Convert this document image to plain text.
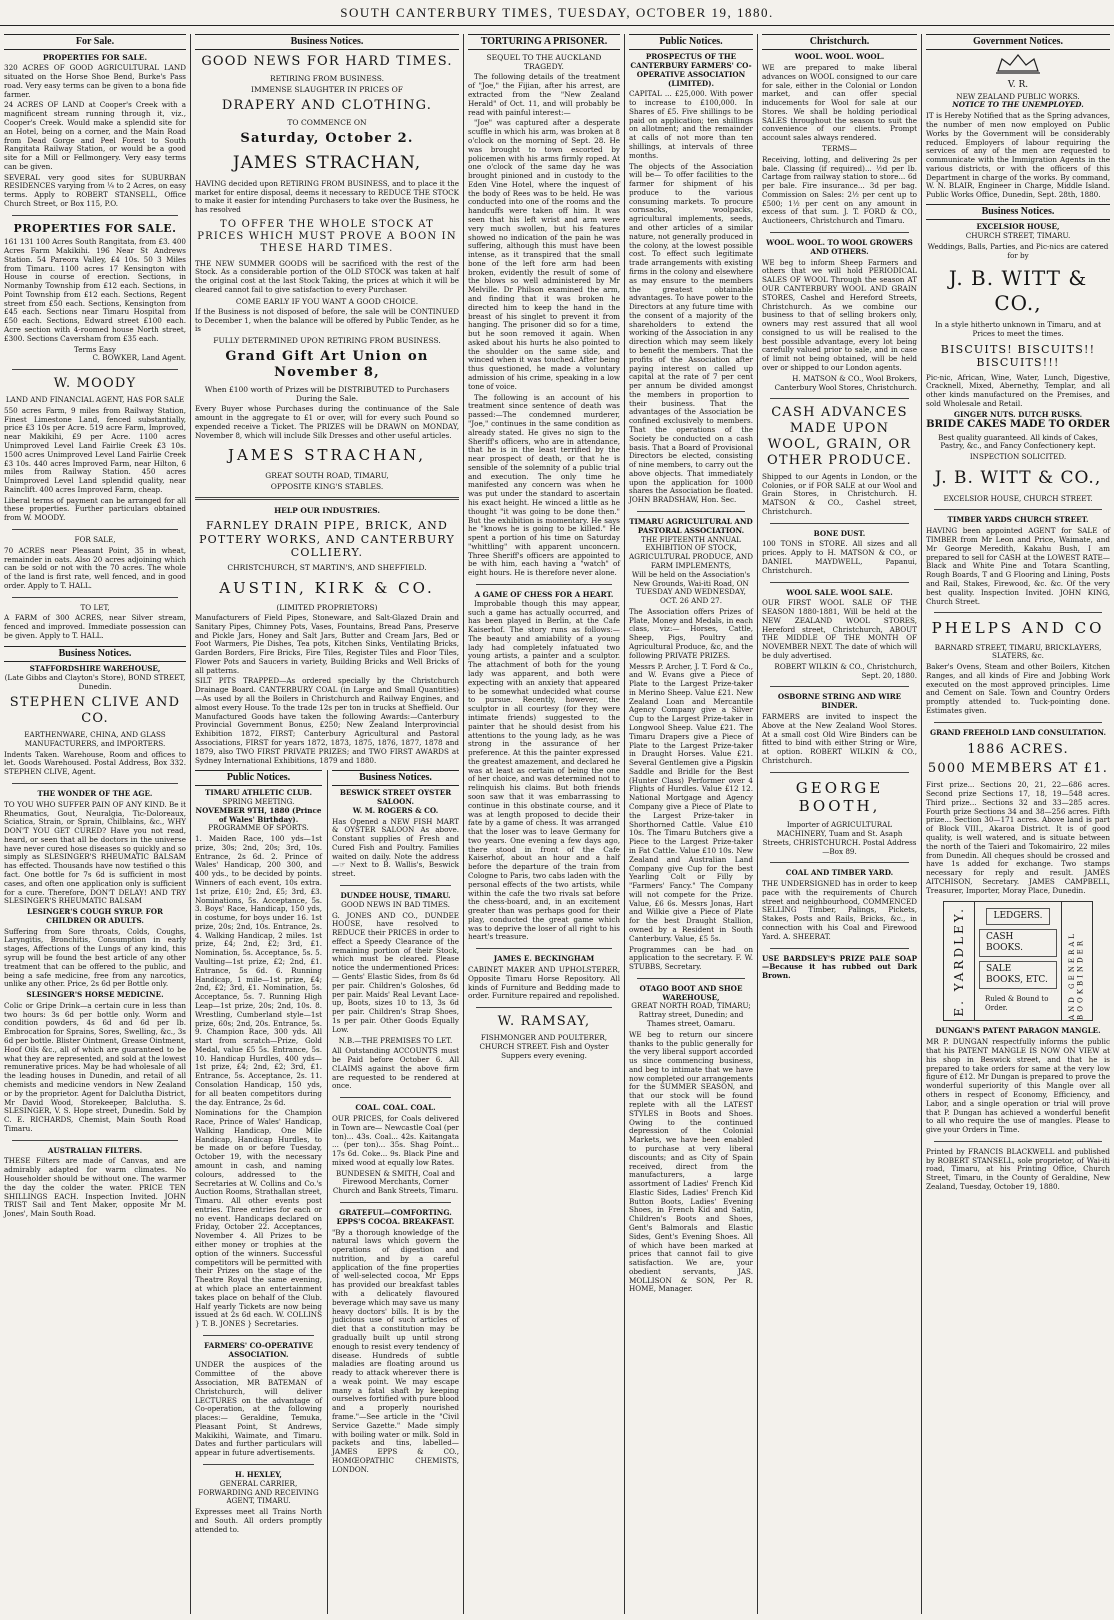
SOUTH CANTERBURY TIMES, TUESDAY, OCTOBER 19, 1880.
For Sale.
PROPERTIES FOR SALE.
320 ACRES OF GOOD AGRICULTURAL LAND situated on the Horse Shoe Bend, Burke's Pass road. Very easy terms can be given to a bona fide farmer.
24 ACRES OF LAND at Cooper's Creek with a magnificent stream running through it, viz., Cooper's Creek. Would make a splendid site for an Hotel, being on a corner, and the Main Road from Dead Gorge and Peel Forest to South Rangitata Railway Station, or would be a good site for a Mill or Fellmongery. Very easy terms can be given.
SEVERAL very good sites for SUBURBAN RESIDENCES varying from ¼ to 2 Acres, on easy terms. Apply to ROBERT STANSELL, Office Church Street, or Box 115, P.O.
PROPERTIES FOR SALE.
161 131 100 Acres South Rangitata, from £3. 400 Acres Farm Makikihi. 196 Near St Andrews Station. 54 Pareora Valley, £4 10s. 50 3 Miles from Timaru. 1100 acres 17 Kensington with House in course of erection. Sections, in Normanby Township from £12 each. Sections, in Point Township from £12 each. Sections, Regent street from £50 each. Sections, Kensington from £45 each. Sections near Timaru Hospital from £50 each. Sections, Edward street £100 each. Acre section with 4-roomed house North street, £300. Sections Caversham from £35 each.
Terms Easy
C. BOWKER, Land Agent.
W. MOODY
LAND AND FINANCIAL AGENT, HAS FOR SALE
550 acres Farm, 9 miles from Railway Station, Finest Limestone Land, fenced substantially, price £3 10s per Acre. 519 acre Farm, Improved, near Makikihi, £9 per Acre. 1100 acres Unimproved Level Land Fairlie Creek £3 10s. 1500 acres Unimproved Level Land Fairlie Creek £3 10s. 440 acres Improved Farm, near Hilton, 6 miles from Railway Station. 450 acres Unimproved Level Land splendid quality, near Rainclift. 400 acres Improved Farm, cheap.
Liberal terms of payment can be arranged for all these properties. Further particulars obtained from W. MOODY.
FOR SALE,
70 ACRES near Pleasant Point, 35 in wheat, remainder in oats. Also 20 acres adjoining which can be sold or not with the 70 acres. The whole of the land is first rate, well fenced, and in good order. Apply to T. HALL.
TO LET,
A FARM of 300 ACRES, near Silver stream, fenced and improved. Immediate possession can be given. Apply to T. HALL.
Business Notices.
STAFFORDSHIRE WAREHOUSE,
(Late Gibbs and Clayton's Store), BOND STREET, Dunedin.
STEPHEN CLIVE AND CO.
EARTHENWARE, CHINA, AND GLASS MANUFACTURERS, and IMPORTERS.
Indents Taken. Warehouse, Room and offices to let. Goods Warehoused. Postal Address, Box 332. STEPHEN CLIVE, Agent.
THE WONDER OF THE AGE.
TO YOU WHO SUFFER PAIN OF ANY KIND. Be it Rheumatics, Gout, Neuralgia, Tic-Doloreaux, Sciatica, Strain, or Sprain, Chilblains, &c., WHY DON'T YOU GET CURED? Have you not read, heard, or seen that all be doctors in the universe have never cured hose diseases so quickly and so simply as SLESINGER'S RHEUMATIC BALSAM has effected. Thousands have now testified o this fact. One bottle for 7s 6d is sufficient in most cases, and often one application only is sufficient for a cure. Therefore, DON'T DELAY! AND TRY SLESINGER'S RHEUMATIC BALSAM
LESINGER'S COUGH SYRUP. FOR CHILDREN OR ADULTS.
Suffering from Sore throats, Colds, Coughs, Laryngitis, Bronchitis, Consumption in early stages, Affections of the Lungs of any kind, this syrup will be found the best article of any other treatment that can be offered to the public, and being a safe medicine, free from any narcotics, unlike any other. Price, 2s 6d per Bottle only.
SLESINGER'S HORSE MEDICINE.
Colic or Gripe Drink—a certain cure in less than two hours: 3s 6d per bottle only. Worm and condition powders, 4s 6d and 6d per lb. Embrocation for Sprains, Sores, Swelling, &c., 3s 6d per bottle. Blister Ointment, Grease Ointment, Hoof Oils &c., all of which are guaranteed to be what they are represented, and sold at the lowest remunerative prices. May be had wholesale of all the leading houses in Dunedin, and retail of all chemists and medicine vendors in New Zealand or by the proprietor. Agent for Dalclutha District, Mr David Wood, Storekeeper, Balclutha. S. SLESINGER, V. S. Hope street, Dunedin. Sold by C. E. RICHARDS, Chemist, Main South Road Timaru.
AUSTRALIAN FILTERS.
THESE Filters are made of Canvas, and are admirably adapted for warm climates. No Householder should be without one. The warmer the day the colder the water. PRICE TEN SHILLINGS EACH. Inspection Invited. JOHN TRIST Sail and Tent Maker, opposite Mr M. Jones', Main South Road.
Business Notices.
GOOD NEWS FOR HARD TIMES.
RETIRING FROM BUSINESS.
IMMENSE SLAUGHTER IN PRICES OF
DRAPERY AND CLOTHING.
TO COMMENCE ON
Saturday, October 2.
JAMES STRACHAN,
HAVING decided upon RETIRING FROM BUSINESS, and to place it the market for entire disposal, deems it necessary to REDUCE THE STOCK to make it easier for intending Purchasers to take over the Business, he has resolved
TO OFFER THE WHOLE STOCK AT PRICES WHICH MUST PROVE A BOON IN THESE HARD TIMES.
THE NEW SUMMER GOODS will be sacrificed with the rest of the Stock. As a considerable portion of the OLD STOCK was taken at half the original cost at the last Stock Taking, the prices at which it will be cleared cannot fail to give satisfaction to every Purchaser.
COME EARLY IF YOU WANT A GOOD CHOICE.
If the Business is not disposed of before, the sale will be CONTINUED to December 1, when the balance will be offered by Public Tender, as he is
FULLY DETERMINED UPON RETIRING FROM BUSINESS.
Grand Gift Art Union on November 8,
When £100 worth of Prizes will be DISTRIBUTED to Purchasers During the Sale.
Every Buyer whose Purchases during the continuance of the Sale amount in the aggregate to £1 or over, will for every such Pound so expended receive a Ticket. The PRIZES will be DRAWN on MONDAY, November 8, which will include Silk Dresses and other useful articles.
JAMES STRACHAN,
GREAT SOUTH ROAD, TIMARU,
OPPOSITE KING'S STABLES.
HELP OUR INDUSTRIES.
FARNLEY DRAIN PIPE, BRICK, AND POTTERY WORKS, AND CANTERBURY COLLIERY.
CHRISTCHURCH, ST MARTIN'S, AND SHEFFIELD.
AUSTIN, KIRK & CO.
(LIMITED PROPRIETORS)
Manufacturers of Field Pipes, Stoneware, and Salt-Glazed Drain and Sanitary Pipes, Chimney Pots, Vases, Fountains, Bread Pans, Preserve and Pickle Jars, Honey and Salt Jars, Butter and Cream Jars, Bed or Foot Warmers, Pie Dishes, Tea pots, Kitchen Sinks, Ventilating Bricks, Garden Borders, Fire Bricks, Fire Tiles, Register Tiles and Floor Tiles, Flower Pots and Saucers in variety, Building Bricks and Well Bricks of all patterns.
SILT PITS TRAPPED—As ordered specially by the Christchurch Drainage Board. CANTERBURY COAL (in Large and Small Quantities)—As used by all the Boilers in Christchurch and Railway Engines, and almost every House. To the trade 12s per ton in trucks at Sheffield. Our Manufactured Goods have taken the following Awards:—Canterbury Provincial Government Bonus, £250; New Zealand Interprovincial Exhibition 1872, FIRST; Canterbury Agricultural and Pastoral Associations, FIRST for years 1872, 1873, 1875, 1876, 1877, 1878 and 1879, also TWO FIRST PRIVATE PRIZES; and TWO FIRST AWARDS at Sydney International Exhibitions, 1879 and 1880.
Public Notices.
TIMARU ATHLETIC CLUB.
SPRING MEETING.
NOVEMBER 9TH, 1880 (Prince of Wales' Birthday).
PROGRAMME OF SPORTS.
1. Maiden Race, 100 yds—1st prize, 30s; 2nd, 20s; 3rd, 10s. Entrance, 2s 6d. 2. Prince of Wales' Handicap, 200 300, and 400 yds., to be decided by points. Winners of each event, 10s extra. 1st prize, £10; 2nd, £5; 3rd, £3. Nominations, 5s. Acceptance, 5s. 3. Boys' Race, Handicap, 150 yds, in costume, for boys under 16. 1st prize, 20s; 2nd, 10s. Entrance, 2s. 4. Walking Handicap, 2 miles. 1st prize, £4; 2nd, £2; 3rd, £1. Nomination, 5s. Acceptance, 5s. 5. Vaulting—1st prize, £2; 2nd, £1. Entrance, 5s 6d. 6. Running Handicap, 1 mile—1st prize, £4; 2nd, £2; 3rd, £1. Nomination, 5s. Acceptance, 5s. 7. Running High Leap—1st prize, 20s; 2nd, 10s. 8. Wrestling, Cumberland style—1st prize, 60s; 2nd, 20s. Entrance, 5s. 9. Champion Race, 300 yds. All start from scratch—Prize, Gold Medal, value £5 5s. Entrance, 5s. 10. Handicap Hurdles, 400 yds—1st prize, £4; 2nd, £2; 3rd, £1. Entrance, 5s. Acceptance, 2s. 11. Consolation Handicap, 150 yds, for all beaten competitors during the day. Entrance, 2s 6d.
Nominations for the Champion Race, Prince of Wales' Handicap, Walking Handicap, One Mile Handicap, Handicap Hurdles, to be made on or before Tuesday, October 19, with the necessary amount in cash, and naming colours, addressed to the Secretaries at W. Collins and Co.'s Auction Rooms, Strathallan street, Timaru. All other events post entries. Three entries for each or no event. Handicaps declared on Friday, October 22. Acceptances, November 4. All Prizes to be either money or trophies at the option of the winners. Successful competitors will be permitted with their Prizes on the stage of the Theatre Royal the same evening, at which place an entertainment takes place on behalf of the Club. Half yearly Tickets are now being issued at 2s 6d each. W. COLLINS } T. B. JONES } Secretaries.
FARMERS' CO-OPERATIVE ASSOCIATION.
UNDER the auspices of the Committee of the above Association, MR BATEMAN of Christchurch, will deliver LECTURES on the advantage of Co-operation, at the following places:— Geraldine, Temuka, Pleasant Point, St Andrews, Makikihi, Waimate, and Timaru. Dates and further particulars will appear in future advertisements.
H. HEXLEY,
GENERAL CARRIER, FORWARDING AND RECEIVING AGENT, TIMARU.
Expresses meet all Trains North and South. All orders promptly attended to.
Business Notices.
BESWICK STREET OYSTER SALOON.
W. M. ROGERS & CO.
Has Opened a NEW FISH MART & OYSTER SALOON As above. Constant supplies of Fresh and Cured Fish and Poultry. Families waited on daily. Note the address—☞ Next to B. Wallis's, Beswick street.
DUNDEE HOUSE, TIMARU.
GOOD NEWS IN BAD TIMES.
G. JONES AND CO., DUNDEE HOUSE, have resolved to REDUCE their PRICES in order to effect a Speedy Clearance of the remaining portion of their Stock, which must be cleared. Please notice the undermentioned Prices:— Gents' Elastic Sides, from 8s 6d per pair. Children's Goloshes, 6d per pair. Maids' Real Levant Lace-up, Boots, sizes 10 to 13, 3s 6d per pair. Children's Strap Shoes, 1s per pair. Other Goods Equally Low.
N.B.—THE PREMISES TO LET.
All Outstanding ACCOUNTS must be Paid before October 6. All CLAIMS against the above firm are requested to be rendered at once.
COAL. COAL. COAL.
OUR PRICES, for Coals delivered in Town are— Newcastle Coal (per ton)... 43s. Coal... 42s. Kaitangata ... (per ton)... 35s. Shag Point... 17s 6d. Coke... 9s. Black Pine and mixed wood at equally low Rates.
BUNDESEN & SMITH, Coal and Firewood Merchants, Corner Church and Bank Streets, Timaru.
GRATEFUL—COMFORTING. EPPS'S COCOA. BREAKFAST.
"By a thorough knowledge of the natural laws which govern the operations of digestion and nutrition, and by a careful application of the fine properties of well-selected cocoa, Mr Epps has provided our breakfast tables with a delicately flavoured beverage which may save us many heavy doctors' bills. It is by the judicious use of such articles of diet that a constitution may be gradually built up until strong enough to resist every tendency of disease. Hundreds of subtle maladies are floating around us ready to attack wherever there is a weak point. We may escape many a fatal shaft by keeping ourselves fortified with pure blood and a properly nourished frame."—See article in the "Civil Service Gazette." Made simply with boiling water or milk. Sold in packets and tins, labelled— JAMES EPPS & CO., HOMŒOPATHIC CHEMISTS, LONDON.
TORTURING A PRISONER.
SEQUEL TO THE AUCKLAND TRAGEDY.

The following details of the treatment of "Joe," the Fijian, after his arrest, are extracted from the "New Zealand Herald" of Oct. 11, and will probably be read with painful interest:—

"Joe" was captured after a desperate scuffle in which his arm, was broken at 8 o'clock on the morning of Sept. 28. He was brought to town escorted by policemen with his arms firmly roped. At one o'clock of the same day he was brought pinioned and in custody to the Eden Vine Hotel, where the inquest of the body of Rees was to be held. He was conducted into one of the rooms and the handcuffs were taken off him. It was seen that his left wrist and arm were very much swollen, but his features showed no indication of the pain he was suffering, although this must have been intense, as it transpired that the small bone of the left fore arm had been broken, evidently the result of some of the blows so well administered by Mr Melville. Dr Philson examined the arm, and finding that it was broken he directed him to keep the hand in the breast of his singlet to prevent it from hanging. The prisoner did so for a time, but he soon removed it again. When asked about his hurts he also pointed to the shoulder on the same side, and winced when it was touched. After being thus questioned, he made a voluntary admission of his crime, speaking in a low tone of voice.

The following is an account of his treatment since sentence of death was passed:—The condemned murderer, "Joe," continues in the same condition as already stated. He gives no sign to the Sheriff's officers, who are in attendance, that he is in the least terrified by the near prospect of death, or that he is sensible of the solemnity of a public trial and execution. The only time he manifested any concern was when he was put under the standard to ascertain his exact height. He winced a little as he thought "it was going to be done then." But the exhibition is momentary. He says he "knows he is going to be killed." He spent a portion of his time on Saturday "whittling" with apparent unconcern. Three Sheriff's officers are appointed to be with him, each having a "watch" of eight hours. He is therefore never alone.

A GAME OF CHESS FOR A HEART.

Improbable though this may appear, such a game has actually occurred, and has been played in Berlin, at the Cafe Kaiserhof. The story runs as follows:—The beauty and amiability of a young lady had completely infatuated two young artists, a painter and a sculptor. The attachment of both for the young lady was apparent, and both were expecting with an anxiety that appeared to be somewhat undecided what course to pursue. Recently, however, the sculptor in all courtesy (for they were intimate friends) suggested to the painter that he should desist from his attentions to the young lady, as he was strong in the assurance of her preference. At this the painter expressed the greatest amazement, and declared he was at least as certain of being the one of her choice, and was determined not to relinquish his claims. But both friends soon saw that it was embarrassing to continue in this obstinate course, and it was at length proposed to decide their fate by a game of chess. It was arranged that the loser was to leave Germany for two years. One evening a few days ago, there stood in front of the Cafe Kaiserhof, about an hour and a half before the departure of the train from Cologne to Paris, two cabs laden with the personal effects of the two artists, while within the cafe the two rivals sat before the chess-board, and, in an excitement greater than was perhaps good for their play, conducted the great game which was to deprive the loser of all right to his heart's treasure.

JAMES E. BECKINGHAM
CABINET MAKER AND UPHOLSTERER, Opposite Timaru Horse Repository. All kinds of Furniture and Bedding made to order. Furniture repaired and repolished.
W. RAMSAY,
FISHMONGER AND POULTERER, CHURCH STREET. Fish and Oyster Suppers every evening.
Public Notices.
PROSPECTUS OF THE CANTERBURY FARMERS' CO-OPERATIVE ASSOCIATION (LIMITED).
CAPITAL ... £25,000. With power to increase to £100,000. In Shares of £5. Five shillings to be paid on application; ten shillings on allotment; and the remainder at calls of not more than ten shillings, at intervals of three months.
The objects of the Association will be— To offer facilities to the farmer for shipment of his produce to the various consuming markets. To procure cornsacks, woolpacks, agricultural implements, seeds, and other articles of a similar nature, not generally produced in the colony, at the lowest possible cost. To effect such legitimate trade arrangements with existing firms in the colony and elsewhere as may ensure to the members the greatest obtainable advantages. To have power to the Directors at any future time with the consent of a majority of the shareholders to extend the working of the Association in any direction which may seem likely to benefit the members. That the profits of the Association after paying interest on called up capital at the rate of 7 per cent per annum be divided amongst the members in proportion to their business. That the advantages of the Association be confined exclusively to members. That the operations of the Society be conducted on a cash basis. That a Board of Provisional Directors be elected, consisting of nine members, to carry out the above objects. That immediately upon the application for 1000 shares the Association be floated. JOHN BRADSHAW, Hon. Sec.
TIMARU AGRICULTURAL AND PASTORAL ASSOCIATION.
THE FIFTEENTH ANNUAL EXHIBITION OF STOCK, AGRICULTURAL PRODUCE, AND FARM IMPLEMENTS,
Will be held on the Association's New Grounds, Wai-iti Road, ON TUESDAY AND WEDNESDAY, OCT. 26 AND 27.
The Association offers Prizes of Plate, Money and Medals, in each class, viz:— Horses, Cattle, Sheep, Pigs, Poultry and Agricultural Produce, &c, and the following PRIVATE PRIZES.
Messrs P. Archer, J. T. Ford & Co., and W. Evans give a Piece of Plate to the Largest Prize-taker in Merino Sheep. Value £21. New Zealand Loan and Mercantile Agency Company give a Silver Cup to the Largest Prize-taker in Longwool Sheep. Value £21. The Timaru Drapers give a Piece of Plate to the Largest Prize-taker in Draught Horses. Value £21. Several Gentlemen give a Pigskin Saddle and Bridle for the Best (Hunter Class) Performer over 4 Flights of Hurdles. Value £12 12. National Mortgage and Agency Company give a Piece of Plate to the Largest Prize-taker in Shorthorned Cattle. Value £10 10s. The Timaru Butchers give a Piece to the Largest Prize-taker in Fat Cattle. Value £10 10s. New Zealand and Australian Land Company give Cup for the best Yearling Colt or Filly by "Farmers' Fancy." The Company will not compete for the Prize. Value, £6 6s. Messrs Jonas, Hart and Wilkie give a Piece of Plate for the best Draught Stallion, owned by a Resident in South Canterbury. Value, £5 5s.
Programmes can be had on application to the secretary. F. W. STUBBS, Secretary.
OTAGO BOOT AND SHOE WAREHOUSE,
GREAT NORTH ROAD, TIMARU; Rattray street, Dunedin; and Thames street, Oamaru.
WE beg to return our sincere thanks to the public generally for the very liberal support accorded us since commencing business, and beg to intimate that we have now completed our arrangements for the SUMMER SEASON, and that our stock will be found replete with all the LATEST STYLES in Boots and Shoes. Owing to the continued depression of the Colonial Markets, we have been enabled to purchase at very liberal discounts; and as City of Spain received, direct from the manufacturers, a large assortment of Ladies' French Kid Elastic Sides, Ladies' French Kid Button Boots, Ladies' Evening Shoes, in French Kid and Satin, Children's Boots and Shoes, Gent's Balmorals and Elastic Sides, Gent's Evening Shoes. All of which have been marked at prices that cannot fail to give satisfaction. We are, your obedient servants, JAS. MOLLISON & SON, Per R. HOME, Manager.
Christchurch.
WOOL. WOOL. WOOL.
WE are prepared to make liberal advances on WOOL consigned to our care for sale, either in the Colonial or London market, and can offer special inducements for Wool for sale at our Stores. We shall be holding periodical SALES throughout the season to suit the convenience of our clients. Prompt account sales always rendered.
TERMS—
Receiving, lotting, and delivering 2s per bale. Classing (if required)... ½d per lb. Cartage from railway station to store... 6d per bale. Fire insurance... 3d per bag. Commission on Sales: 2½ per cent up to £500; 1½ per cent on any amount in excess of that sum. J. T. FORD & CO., Auctioneers, Christchurch and Timaru.
WOOL. WOOL. TO WOOL GROWERS AND OTHERS.
WE beg to inform Sheep Farmers and others that we will hold PERIODICAL SALES OF WOOL Through the season AT OUR CANTERBURY WOOL AND GRAIN STORES, Cashel and Hereford Streets, Christchurch. As we combine our business to that of selling brokers only, owners may rest assured that all wool consigned to us will be realised to the best possible advantage, every lot being carefully valued prior to sale, and in case of limit not being obtained, will be held over or shipped to our London agents.
H. MATSON & CO., Wool Brokers, Canterbury Wool Stores, Christchurch.
CASH ADVANCES MADE UPON WOOL, GRAIN, OR OTHER PRODUCE.
Shipped to our Agents in London, or the Colonies, or if FOR SALE at our Wool and Grain Stores, in Christchurch. H. MATSON & CO., Cashel street, Christchurch.
BONE DUST.
100 TONS in STORE. All sizes and all prices. Apply to H. MATSON & CO., or DANIEL MAYDWELL, Papanui, Christchurch.
WOOL SALE. WOOL SALE.
OUR FIRST WOOL SALE OF THE SEASON 1880-1881, Will be held at the NEW ZEALAND WOOL STORES, Hereford street, Christchurch, ABOUT THE MIDDLE OF THE MONTH OF NOVEMBER NEXT. The date of which will be duly advertised.
ROBERT WILKIN & CO., Christchurch, Sept. 20, 1880.
OSBORNE STRING AND WIRE BINDER.
FARMERS are invited to inspect the Above at the New Zealand Wool Stores. At a small cost Old Wire Binders can be fitted to bind with either String or Wire, at option. ROBERT WILKIN & CO., Christchurch.
GEORGE BOOTH,
Importer of AGRICULTURAL MACHINERY, Tuam and St. Asaph Streets, CHRISTCHURCH. Postal Address—Box 89.
COAL AND TIMBER YARD.
THE UNDERSIGNED has in order to keep pace with the requirements of Church street and neighbourhood, COMMENCED SELLING Timber, Palings, Pickets, Stakes, Posts and Rails, Bricks, &c., in connection with his Coal and Firewood Yard. A. SHEERAT.
USE BARDSLEY'S PRIZE PALE SOAP—Because it has rubbed out Dark Brown.
Government Notices.
V. R.
NEW ZEALAND PUBLIC WORKS.
NOTICE TO THE UNEMPLOYED.
IT is Hereby Notified that as the Spring advances, the number of men now employed on Public Works by the Government will be considerably reduced. Employers of labour requiring the services of any of the men are requested to communicate with the Immigration Agents in the various districts, or with the officers of this Department in charge of the works. By command, W. N. BLAIR, Engineer in Charge, Middle Island. Public Works Office, Dunedin, Sept. 28th, 1880.
Business Notices.
EXCELSIOR HOUSE,
CHURCH STREET, TIMARU.
Weddings, Balls, Parties, and Pic-nics are catered for by
J. B. WITT & CO.,
In a style hitherto unknown in Timaru, and at Prices to meet the times.
BISCUITS! BISCUITS!! BISCUITS!!!
Pic-nic, African, Wine, Water, Lunch, Digestive, Cracknell, Mixed, Abernethy, Templar, and all other kinds manufactured on the Premises, and sold Wholesale and Retail.
GINGER NUTS. DUTCH RUSKS.
BRIDE CAKES MADE TO ORDER
Best quality guaranteed. All kinds of Cakes, Pastry, &c., and Fancy Confectionery kept.
INSPECTION SOLICITED.
J. B. WITT & CO.,
EXCELSIOR HOUSE, CHURCH STREET.
TIMBER YARDS CHURCH STREET.
HAVING been appointed AGENT for SALE of TIMBER from Mr Leon and Price, Waimate, and Mr George Meredith, Kakahu Bush, I am prepared to sell for CASH at the LOWEST RATE— Black and White Pine and Totara Scantling, Rough Boards, T and G Flooring and Lining, Posts and Rail, Stakes, Firewood, &c. &c. Of the very best quality. Inspection Invited. JOHN KING, Church Street.
PHELPS AND CO
BARNARD STREET, TIMARU, BRICKLAYERS, SLATERS, &c.
Baker's Ovens, Steam and other Boilers, Kitchen Ranges, and all kinds of Fire and Jobbing Work executed on the most approved principles. Lime and Cement on Sale. Town and Country Orders promptly attended to. Tuck-pointing done. Estimates given.
GRAND FREEHOLD LAND CONSULTATION.
1886 ACRES.
5000 MEMBERS AT £1.
First prize... Sections 20, 21, 22—686 acres. Second prize Sections 17, 18, 19—548 acres. Third prize... Sections 32 and 33—285 acres. Fourth prize Sections 34 and 38—256 acres. Fifth prize... Section 30—171 acres. Above land is part of Block VIII., Akaroa District. It is of good quality, is well watered, and is situate between the north of the Taieri and Tokomairiro, 22 miles from Dunedin. All cheques should be crossed and have 1s added for exchange. Two stamps necessary for reply and result. JAMES AITCHISON, Secretary. JAMES CAMPBELL, Treasurer, Importer, Moray Place, Dunedin.
E. YARDLEY.	LEDGERS.
CASH BOOKS.
SALE BOOKS, ETC.
Ruled & Bound to Order.	AND GENERAL BOOKBINDER
DUNGAN'S PATENT PARAGON MANGLE.
MR P. DUNGAN respectfully informs the public that his PATENT MANGLE IS NOW ON VIEW at his shop in Beswick street, and that he is prepared to take orders for same at the very low figure of £12. Mr Dungan is prepared to prove the wonderful superiority of this Mangle over all others in respect of Economy, Efficiency, and Labor, and a single operation or trial will prove that P. Dungan has achieved a wonderful benefit to all who require the use of mangles. Please to give your Orders in Time.
Printed by FRANCIS BLACKWELL and published by ROBERT STANSELL, sole proprietor, of Wai-iti road, Timaru, at his Printing Office, Church Street, Timaru, in the County of Geraldine, New Zealand, Tuesday, October 19, 1880.
